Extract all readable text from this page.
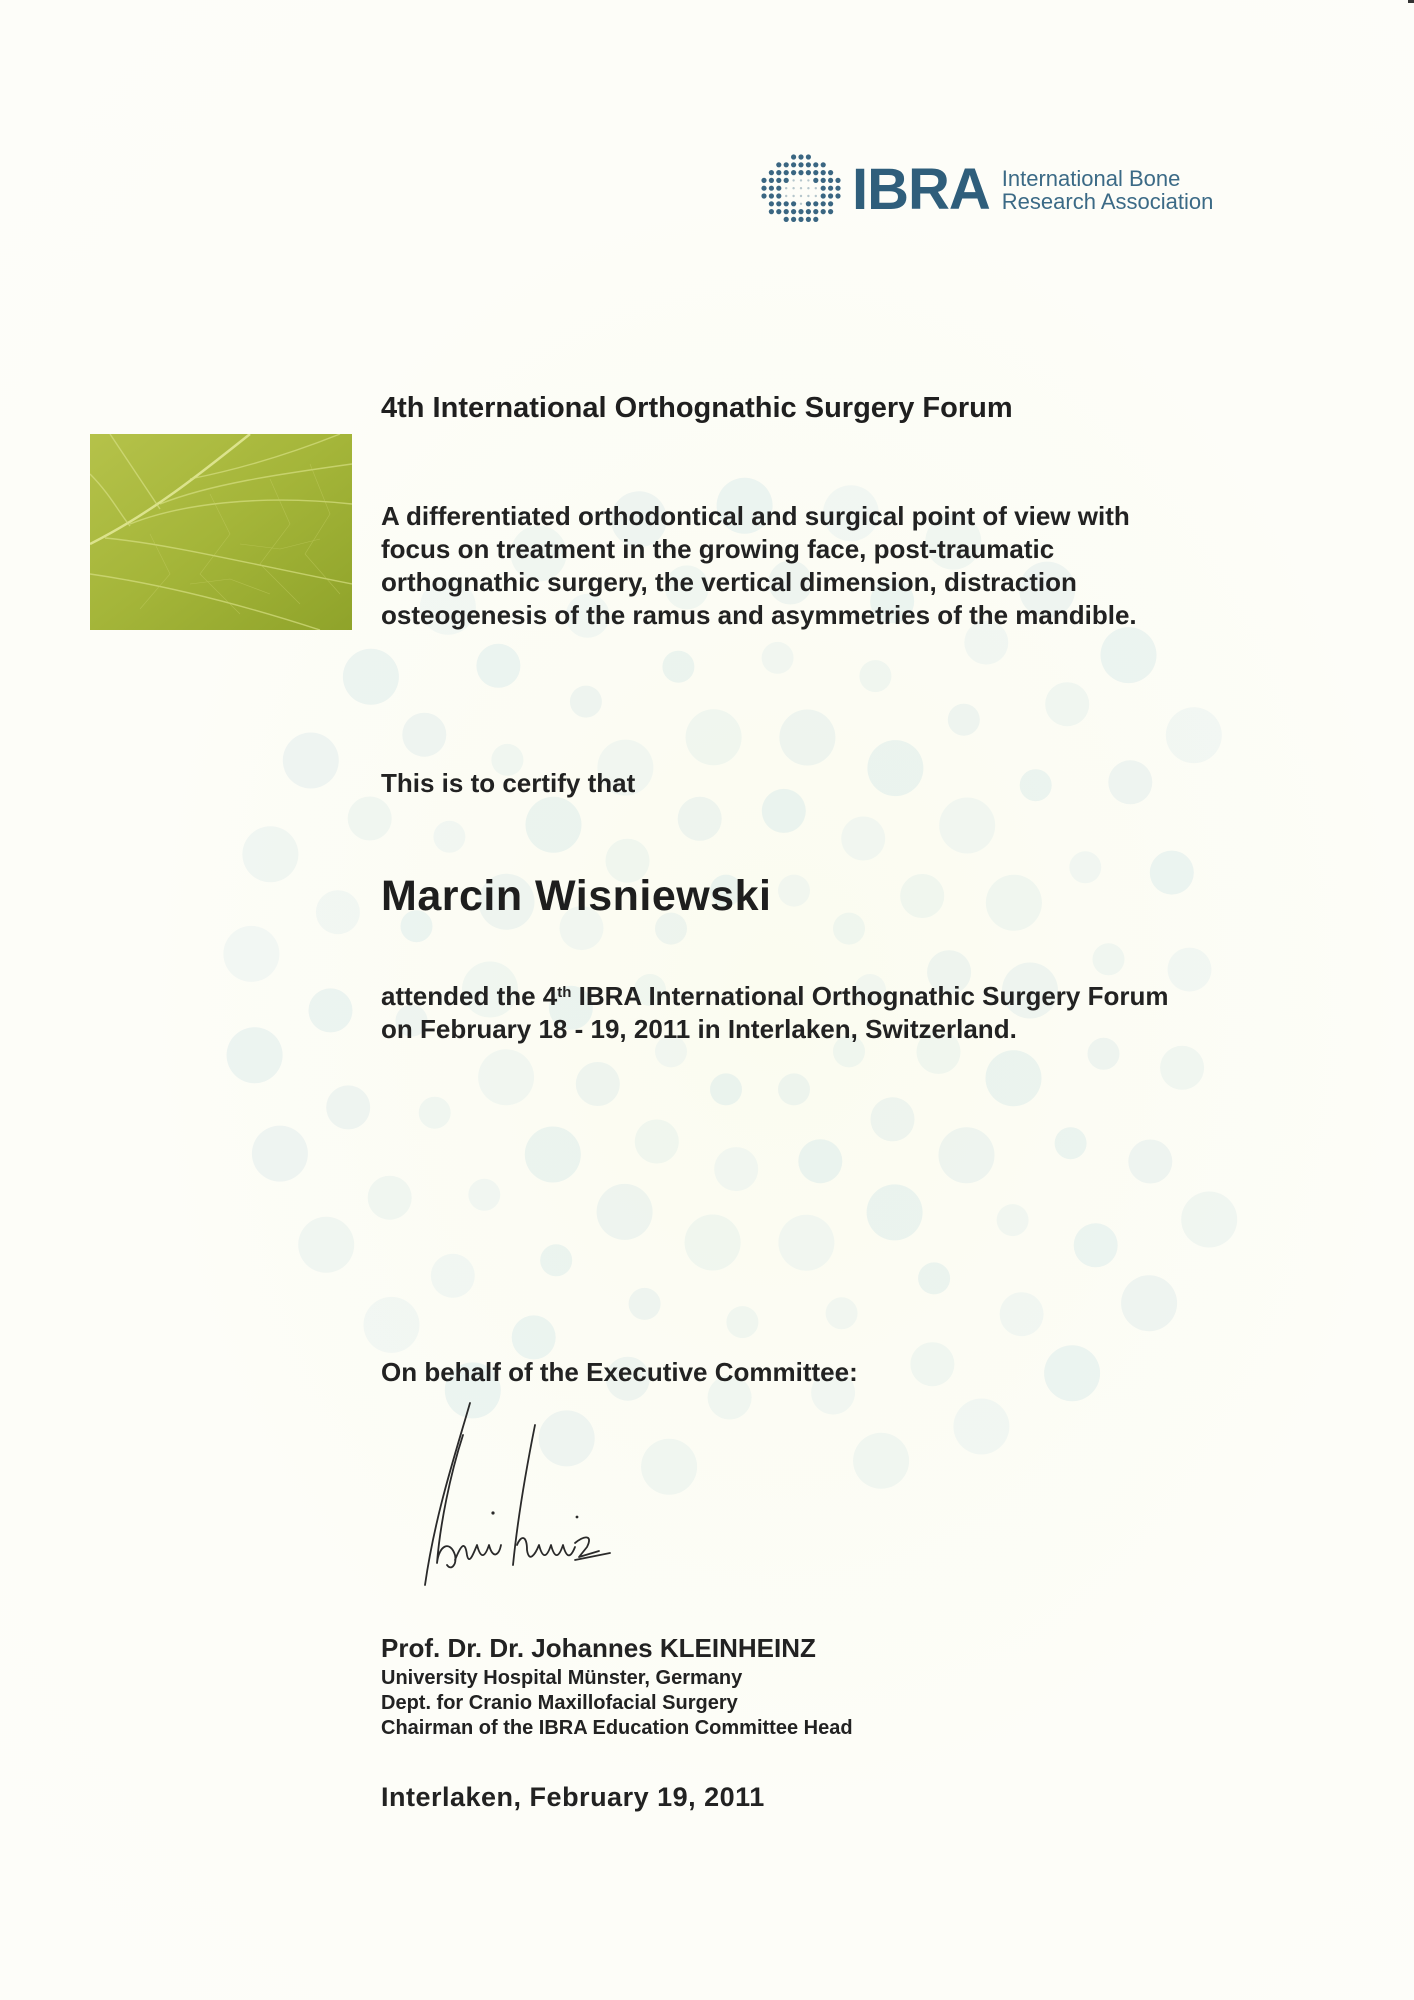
IBRA International Bone
Research Association
4th International Orthognathic Surgery Forum
A differentiated orthodontical and surgical point of view with
focus on treatment in the growing face, post-traumatic
orthognathic surgery, the vertical dimension, distraction
osteogenesis of the ramus and asymmetries of the mandible.
This is to certify that
Marcin Wisniewski
attended the 4th IBRA International Orthognathic Surgery Forum
on February 18 - 19, 2011 in Interlaken, Switzerland.
On behalf of the Executive Committee:
Prof. Dr. Dr. Johannes KLEINHEINZ
University Hospital Münster, Germany
Dept. for Cranio Maxillofacial Surgery
Chairman of the IBRA Education Committee Head
Interlaken, February 19, 2011
